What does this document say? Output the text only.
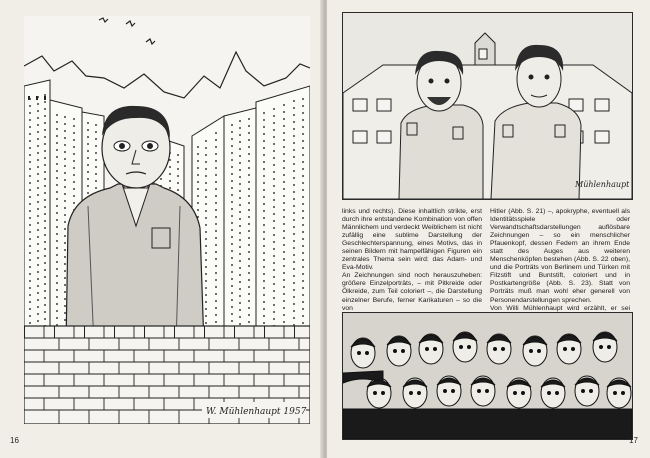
W. Mühlenhaupt 1957
16
Mühlenhaupt

links und rechts). Diese inhaltlich strikte, erst durch ihre entstandene Kombination von offen Männlichem und verdeckt Weiblichem ist nicht zufällig eine sublime Darstellung der Geschlechterspannung, eines Motivs, das in seinen Bildern mit hampelfähigen Figuren ein zentrales Thema sein wird: das Adam- und Eva-Motiv.

An Zeichnungen sind noch herauszuheben: größere Einzelporträts, – mit Pitkreide oder Ölkreide, zum Teil coloriert –, die Darstellung einzelner Berufe, ferner Karikaturen – so die von

Hitler (Abb. S. 21) –, apokryphe, eventuell als Identitätsspiele oder Verwandtschaftsdarstellungen auflösbare Zeichnungen – so ein menschlicher Pfauenkopf, dessen Federn an ihrem Ende statt des Auges aus weiteren Menschenköpfen bestehen (Abb. S. 22 oben), und die Porträts von Berlinern und Türken mit Filzstift und Buntstift, coloriert und in Postkartengröße (Abb. S. 23). Statt von Porträts muß man wohl eher generell von Personendarstellungen sprechen.

Von Willi Mühlenhaupt wird erzählt, er sei

17
